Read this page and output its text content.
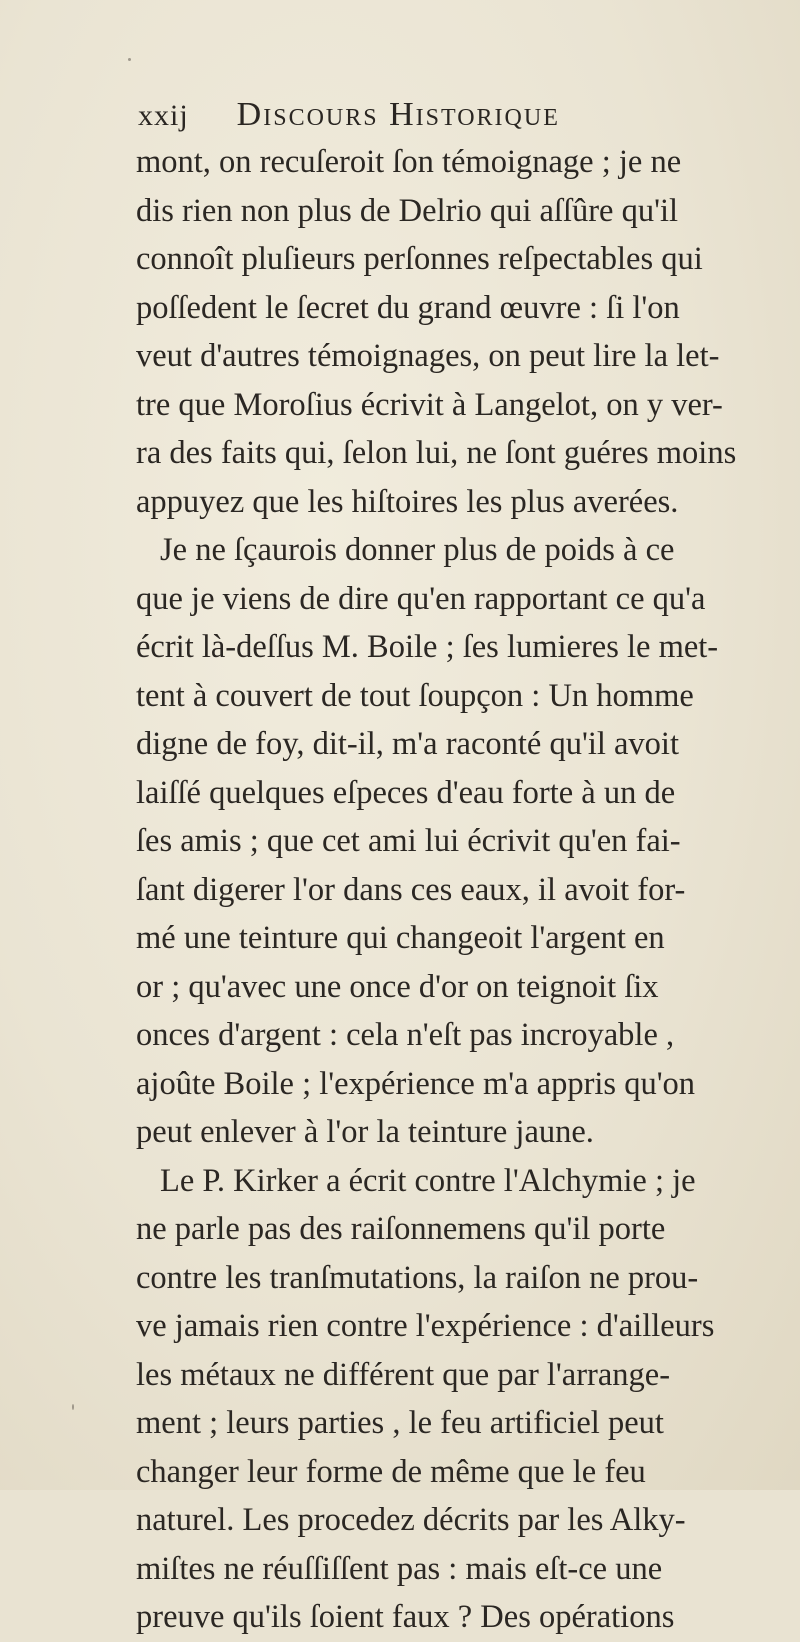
xxij Discours Historique
mont, on recuſeroit ſon témoignage ; je ne
dis rien non plus de Delrio qui aſſûre qu'il
connoît pluſieurs perſonnes reſpectables qui
poſſedent le ſecret du grand œuvre : ſi l'on
veut d'autres témoignages, on peut lire la let-
tre que Moroſius écrivit à Langelot, on y ver-
ra des faits qui, ſelon lui, ne ſont guéres moins
appuyez que les hiſtoires les plus averées.
Je ne ſçaurois donner plus de poids à ce
que je viens de dire qu'en rapportant ce qu'a
écrit là-deſſus M. Boile ; ſes lumieres le met-
tent à couvert de tout ſoupçon : Un homme
digne de foy, dit-il, m'a raconté qu'il avoit
laiſſé quelques eſpeces d'eau forte à un de
ſes amis ; que cet ami lui écrivit qu'en fai-
ſant digerer l'or dans ces eaux, il avoit for-
mé une teinture qui changeoit l'argent en
or ; qu'avec une once d'or on teignoit ſix
onces d'argent : cela n'eſt pas incroyable ,
ajoûte Boile ; l'expérience m'a appris qu'on
peut enlever à l'or la teinture jaune.
Le P. Kirker a écrit contre l'Alchymie ; je
ne parle pas des raiſonnemens qu'il porte
contre les tranſmutations, la raiſon ne prou-
ve jamais rien contre l'expérience : d'ailleurs
les métaux ne différent que par l'arrange-
ment ; leurs parties , le feu artificiel peut
changer leur forme de même que le feu
naturel. Les procedez décrits par les Alky-
miſtes ne réuſſiſſent pas : mais eſt-ce une
preuve qu'ils ſoient faux ? Des opérations
